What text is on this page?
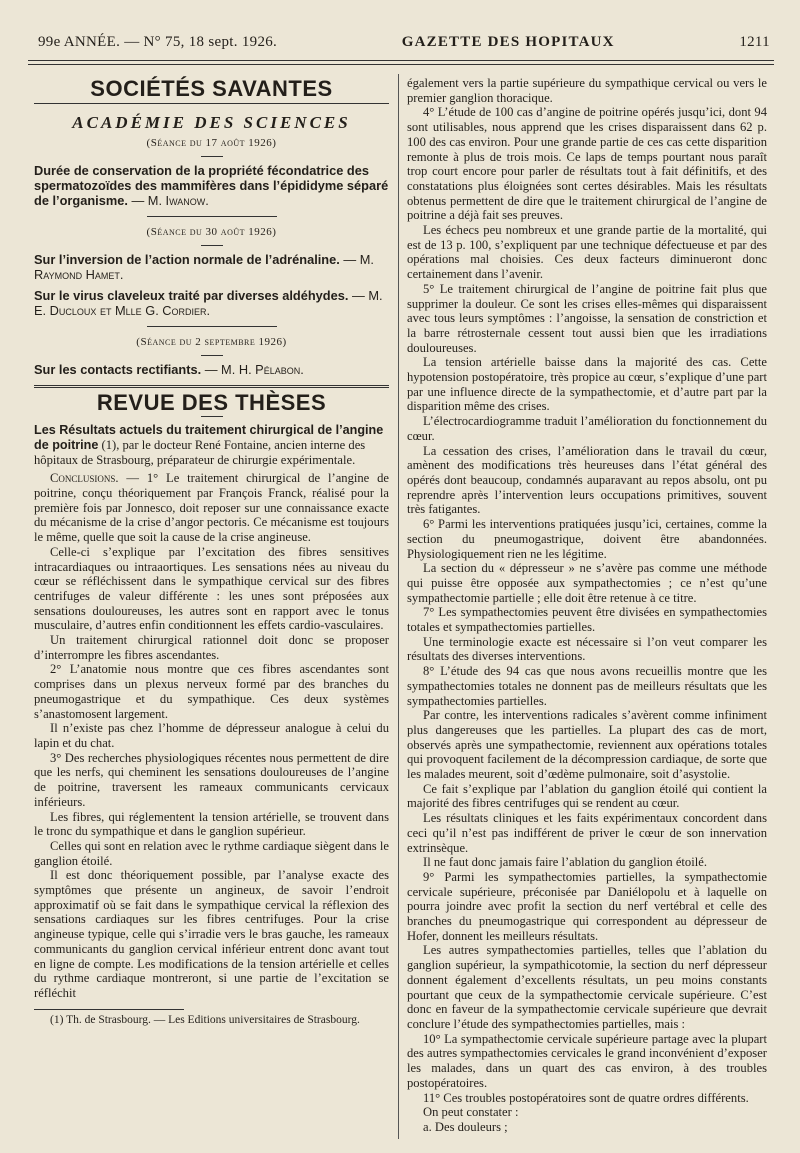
99e ANNÉE. — N° 75, 18 sept. 1926.	GAZETTE DES HOPITAUX	1211
SOCIÉTÉS SAVANTES
ACADÉMIE DES SCIENCES
(Séance du 17 août 1926)
Durée de conservation de la propriété fécondatrice des spermatozoïdes des mammifères dans l’épididyme séparé de l’organisme. — M. Iwanow.
(Séance du 30 août 1926)
Sur l’inversion de l’action normale de l’adrénaline. — M. Raymond Hamet.
Sur le virus claveleux traité par diverses aldéhydes. — M. E. Ducloux et Mlle G. Cordier.
(Séance du 2 septembre 1926)
Sur les contacts rectifiants. — M. H. Pélabon.
REVUE DES THÈSES

Les Résultats actuels du traitement chirurgical de l’angine de poitrine (1), par le docteur René Fontaine, ancien interne des hôpitaux de Strasbourg, préparateur de chirurgie expérimentale.

Conclusions. — 1° Le traitement chirurgical de l’angine de poitrine, conçu théoriquement par François Franck, réalisé pour la première fois par Jonnesco, doit reposer sur une connaissance exacte du mécanisme de la crise d’angor pectoris. Ce mécanisme est toujours le même, quelle que soit la cause de la crise angineuse.

Celle-ci s’explique par l’excitation des fibres sensitives intracardiaques ou intraaortiques. Les sensations nées au niveau du cœur se réfléchissent dans le sympathique cervical sur des fibres centrifuges de valeur différente : les unes sont préposées aux sensations douloureuses, les autres sont en rapport avec le tonus musculaire, d’autres enfin conditionnent les effets cardio-vasculaires.

Un traitement chirurgical rationnel doit donc se proposer d’interrompre les fibres ascendantes.

2° L’anatomie nous montre que ces fibres ascendantes sont comprises dans un plexus nerveux formé par des branches du pneumogastrique et du sympathique. Ces deux systèmes s’anastomosent largement.

Il n’existe pas chez l’homme de dépresseur analogue à celui du lapin et du chat.

3° Des recherches physiologiques récentes nous permettent de dire que les nerfs, qui cheminent les sensations douloureuses de l’angine de poitrine, traversent les rameaux communicants cervicaux inférieurs.

Les fibres, qui réglementent la tension artérielle, se trouvent dans le tronc du sympathique et dans le ganglion supérieur.

Celles qui sont en relation avec le rythme cardiaque siègent dans le ganglion étoilé.

Il est donc théoriquement possible, par l’analyse exacte des symptômes que présente un angineux, de savoir l’endroit approximatif où se fait dans le sympathique cervical la réflexion des sensations cardiaques sur les fibres centrifuges. Pour la crise angineuse typique, celle qui s’irradie vers le bras gauche, les rameaux communicants du ganglion cervical inférieur entrent donc avant tout en ligne de compte. Les modifications de la tension artérielle et celles du rythme cardiaque montreront, si une partie de l’excitation se réfléchit

(1) Th. de Strasbourg. — Les Editions universitaires de Strasbourg.

également vers la partie supérieure du sympathique cervical ou vers le premier ganglion thoracique.

4° L’étude de 100 cas d’angine de poitrine opérés jusqu’ici, dont 94 sont utilisables, nous apprend que les crises disparaissent dans 62 p. 100 des cas environ. Pour une grande partie de ces cas cette disparition remonte à plus de trois mois. Ce laps de temps pourtant nous paraît trop court encore pour parler de résultats tout à fait définitifs, et des constatations plus éloignées sont certes désirables. Mais les résultats obtenus permettent de dire que le traitement chirurgical de l’angine de poitrine a déjà fait ses preuves.

Les échecs peu nombreux et une grande partie de la mortalité, qui est de 13 p. 100, s’expliquent par une technique défectueuse et par des opérations mal choisies. Ces deux facteurs diminueront donc certainement dans l’avenir.

5° Le traitement chirurgical de l’angine de poitrine fait plus que supprimer la douleur. Ce sont les crises elles-mêmes qui disparaissent avec tous leurs symptômes : l’angoisse, la sensation de constriction et la barre rétrosternale cessent tout aussi bien que les irradiations douloureuses.

La tension artérielle baisse dans la majorité des cas. Cette hypotension postopératoire, très propice au cœur, s’explique d’une part par une influence directe de la sympathectomie, et d’autre part par la disparition même des crises.

L’électrocardiogramme traduit l’amélioration du fonctionnement du cœur.

La cessation des crises, l’amélioration dans le travail du cœur, amènent des modifications très heureuses dans l’état général des opérés dont beaucoup, condamnés auparavant au repos absolu, ont pu reprendre après l’intervention leurs occupations primitives, souvent très fatigantes.

6° Parmi les interventions pratiquées jusqu’ici, certaines, comme la section du pneumogastrique, doivent être abandonnées. Physiologiquement rien ne les légitime.

La section du « dépresseur » ne s’avère pas comme une méthode qui puisse être opposée aux sympathectomies ; ce n’est qu’une sympathectomie partielle ; elle doit être retenue à ce titre.

7° Les sympathectomies peuvent être divisées en sympathectomies totales et sympathectomies partielles.

Une terminologie exacte est nécessaire si l’on veut comparer les résultats des diverses interventions.

8° L’étude des 94 cas que nous avons recueillis montre que les sympathectomies totales ne donnent pas de meilleurs résultats que les sympathectomies partielles.

Par contre, les interventions radicales s’avèrent comme infiniment plus dangereuses que les partielles. La plupart des cas de mort, observés après une sympathectomie, reviennent aux opérations totales qui provoquent facilement de la décompression cardiaque, de sorte que les malades meurent, soit d’œdème pulmonaire, soit d’asystolie.

Ce fait s’explique par l’ablation du ganglion étoilé qui contient la majorité des fibres centrifuges qui se rendent au cœur.

Les résultats cliniques et les faits expérimentaux concordent dans ceci qu’il n’est pas indifférent de priver le cœur de son innervation extrinsèque.

Il ne faut donc jamais faire l’ablation du ganglion étoilé.

9° Parmi les sympathectomies partielles, la sympathectomie cervicale supérieure, préconisée par Daniélopolu et à laquelle on pourra joindre avec profit la section du nerf vertébral et celle des branches du pneumogastrique qui correspondent au dépresseur de Hofer, donnent les meilleurs résultats.

Les autres sympathectomies partielles, telles que l’ablation du ganglion supérieur, la sympathicotomie, la section du nerf dépresseur donnent également d’excellents résultats, un peu moins constants pourtant que ceux de la sympathectomie cervicale supérieure. C’est donc en faveur de la sympathectomie cervicale supérieure que devrait conclure l’étude des sympathectomies partielles, mais :

10° La sympathectomie cervicale supérieure partage avec la plupart des autres sympathectomies cervicales le grand inconvénient d’exposer les malades, dans un quart des cas environ, à des troubles postopératoires.

11° Ces troubles postopératoires sont de quatre ordres différents.

On peut constater :

a. Des douleurs ;
